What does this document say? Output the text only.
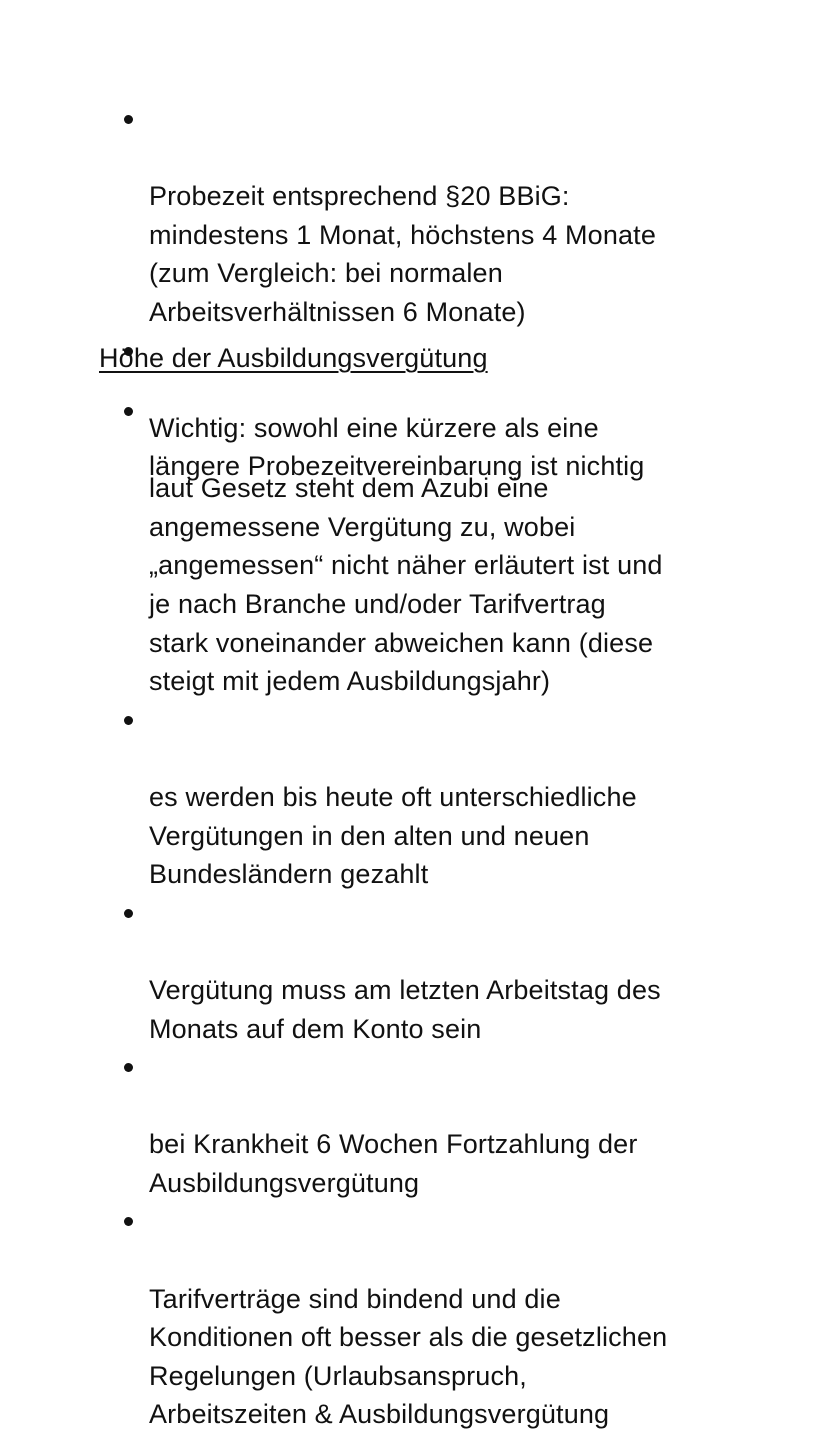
Probezeit entsprechend §20 BBiG:
mindestens 1 Monat, höchstens 4 Monate
(zum Vergleich: bei normalen
Arbeitsverhältnissen 6 Monate)

Wichtig: sowohl eine kürzere als eine
längere Probezeitvereinbarung ist nichtig

Höhe der Ausbildungsvergütung

laut Gesetz steht dem Azubi eine
angemessene Vergütung zu, wobei
„angemessen“ nicht näher erläutert ist und
je nach Branche und/oder Tarifvertrag
stark voneinander abweichen kann (diese
steigt mit jedem Ausbildungsjahr)

es werden bis heute oft unterschiedliche
Vergütungen in den alten und neuen
Bundesländern gezahlt

Vergütung muss am letzten Arbeitstag des
Monats auf dem Konto sein

bei Krankheit 6 Wochen Fortzahlung der
Ausbildungsvergütung

Tarifverträge sind bindend und die
Konditionen oft besser als die gesetzlichen
Regelungen (Urlaubsanspruch,
Arbeitszeiten & Ausbildungsvergütung
